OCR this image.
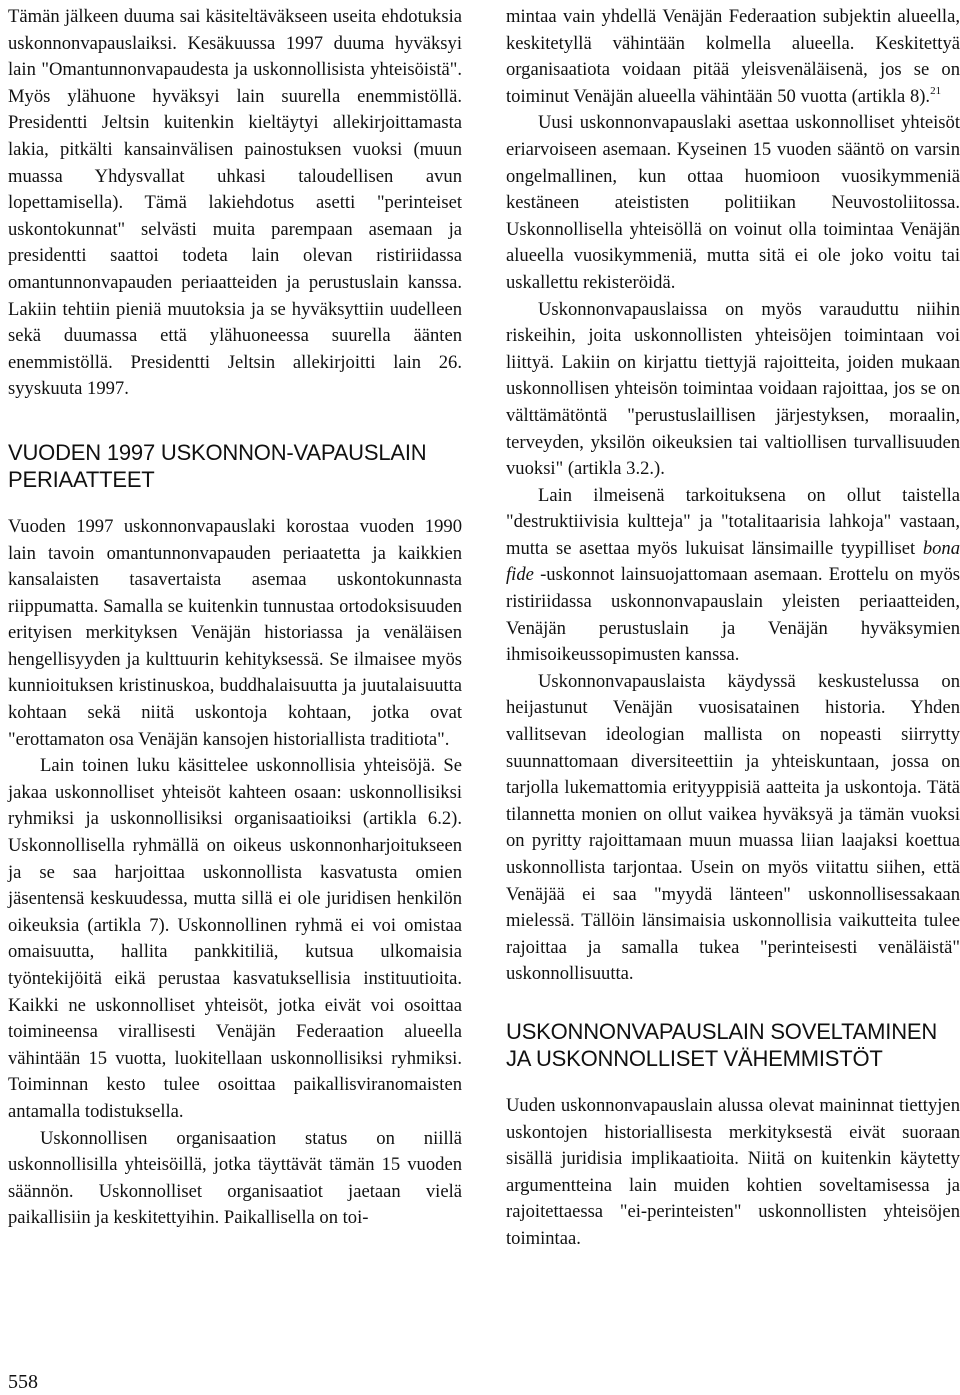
Tämän jälkeen duuma sai käsiteltäväkseen useita ehdotuksia uskonnonvapauslaiksi. Kesäkuussa 1997 duuma hyväksyi lain "Omantunnonvapaudesta ja uskonnollisista yhteisöistä". Myös ylähuone hyväksyi lain suurella enemmistöllä. Presidentti Jeltsin kuitenkin kieltäytyi allekirjoittamasta lakia, pitkälti kansainvälisen painostuksen vuoksi (muun muassa Yhdysvallat uhkasi taloudellisen avun lopettamisella). Tämä lakiehdotus asetti "perinteiset uskontokunnat" selvästi muita parempaan asemaan ja presidentti saattoi todeta lain olevan ristiriidassa omantunnonvapauden periaatteiden ja perustuslain kanssa. Lakiin tehtiin pieniä muutoksia ja se hyväksyttiin uudelleen sekä duumassa että ylähuoneessa suurella äänten enemmistöllä. Presidentti Jeltsin allekirjoitti lain 26. syyskuuta 1997.

VUODEN 1997 USKONNON-VAPAUSLAIN PERIAATTEET

Vuoden 1997 uskonnonvapauslaki korostaa vuoden 1990 lain tavoin omantunnonvapauden periaatetta ja kaikkien kansalaisten tasavertaista asemaa uskontokunnasta riippumatta. Samalla se kuitenkin tunnustaa ortodoksisuuden erityisen merkityksen Venäjän historiassa ja venäläisen hengellisyyden ja kulttuurin kehityksessä. Se ilmaisee myös kunnioituksen kristinuskoa, buddhalaisuutta ja juutalaisuutta kohtaan sekä niitä uskontoja kohtaan, jotka ovat "erottamaton osa Venäjän kansojen historiallista traditiota".

Lain toinen luku käsittelee uskonnollisia yhteisöjä. Se jakaa uskonnolliset yhteisöt kahteen osaan: uskonnollisiksi ryhmiksi ja uskonnollisiksi organisaatioiksi (artikla 6.2). Uskonnollisella ryhmällä on oikeus uskonnonharjoitukseen ja se saa harjoittaa uskonnollista kasvatusta omien jäsentensä keskuudessa, mutta sillä ei ole juridisen henkilön oikeuksia (artikla 7). Uskonnollinen ryhmä ei voi omistaa omaisuutta, hallita pankkitiliä, kutsua ulkomaisia työntekijöitä eikä perustaa kasvatuksellisia instituutioita. Kaikki ne uskonnolliset yhteisöt, jotka eivät voi osoittaa toimineensa virallisesti Venäjän Federaation alueella vähintään 15 vuotta, luokitellaan uskonnollisiksi ryhmiksi. Toiminnan kesto tulee osoittaa paikallisviranomaisten antamalla todistuksella.

Uskonnollisen organisaation status on niillä uskonnollisilla yhteisöillä, jotka täyttävät tämän 15 vuoden säännön. Uskonnolliset organisaatiot jaetaan vielä paikallisiin ja keskitettyihin. Paikallisella on toi-

mintaa vain yhdellä Venäjän Federaation subjektin alueella, keskitetyllä vähintään kolmella alueella. Keskitettyä organisaatiota voidaan pitää yleisvenäläisenä, jos se on toiminut Venäjän alueella vähintään 50 vuotta (artikla 8).$^{21}$

Uusi uskonnonvapauslaki asettaa uskonnolliset yhteisöt eriarvoiseen asemaan. Kyseinen 15 vuoden sääntö on varsin ongelmallinen, kun ottaa huomioon vuosikymmeniä kestäneen ateististen politiikan Neuvostoliitossa. Uskonnollisella yhteisöllä on voinut olla toimintaa Venäjän alueella vuosikymmeniä, mutta sitä ei ole joko voitu tai uskallettu rekisteröidä.

Uskonnonvapauslaissa on myös varauduttu niihin riskeihin, joita uskonnollisten yhteisöjen toimintaan voi liittyä. Lakiin on kirjattu tiettyjä rajoitteita, joiden mukaan uskonnollisen yhteisön toimintaa voidaan rajoittaa, jos se on välttämätöntä "perustuslaillisen järjestyksen, moraalin, terveyden, yksilön oikeuksien tai valtiollisen turvallisuuden vuoksi" (artikla 3.2.).

Lain ilmeisenä tarkoituksena on ollut taistella "destruktiivisia kultteja" ja "totalitaarisia lahkoja" vastaan, mutta se asettaa myös lukuisat länsimaille tyypilliset bona fide -uskonnot lainsuojattomaan asemaan. Erottelu on myös ristiriidassa uskonnonvapauslain yleisten periaatteiden, Venäjän perustuslain ja Venäjän hyväksymien ihmisoikeussopimusten kanssa.

Uskonnonvapauslaista käydyssä keskustelussa on heijastunut Venäjän vuosisatainen historia. Yhden vallitsevan ideologian mallista on nopeasti siirrytty suunnattomaan diversiteettiin ja yhteiskuntaan, jossa on tarjolla lukemattomia erityyppisiä aatteita ja uskontoja. Tätä tilannetta monien on ollut vaikea hyväksyä ja tämän vuoksi on pyritty rajoittamaan muun muassa liian laajaksi koettua uskonnollista tarjontaa. Usein on myös viitattu siihen, että Venäjää ei saa "myydä länteen" uskonnollisessakaan mielessä. Tällöin länsimaisia uskonnollisia vaikutteita tulee rajoittaa ja samalla tukea "perinteisesti venäläistä" uskonnollisuutta.

USKONNONVAPAUSLAIN SOVELTAMINEN JA USKONNOLLISET VÄHEMMISTÖT

Uuden uskonnonvapauslain alussa olevat maininnat tiettyjen uskontojen historiallisesta merkityksestä eivät suoraan sisällä juridisia implikaatioita. Niitä on kuitenkin käytetty argumentteina lain muiden kohtien soveltamisessa ja rajoitettaessa "ei-perinteisten" uskonnollisten yhteisöjen toimintaa.

558
